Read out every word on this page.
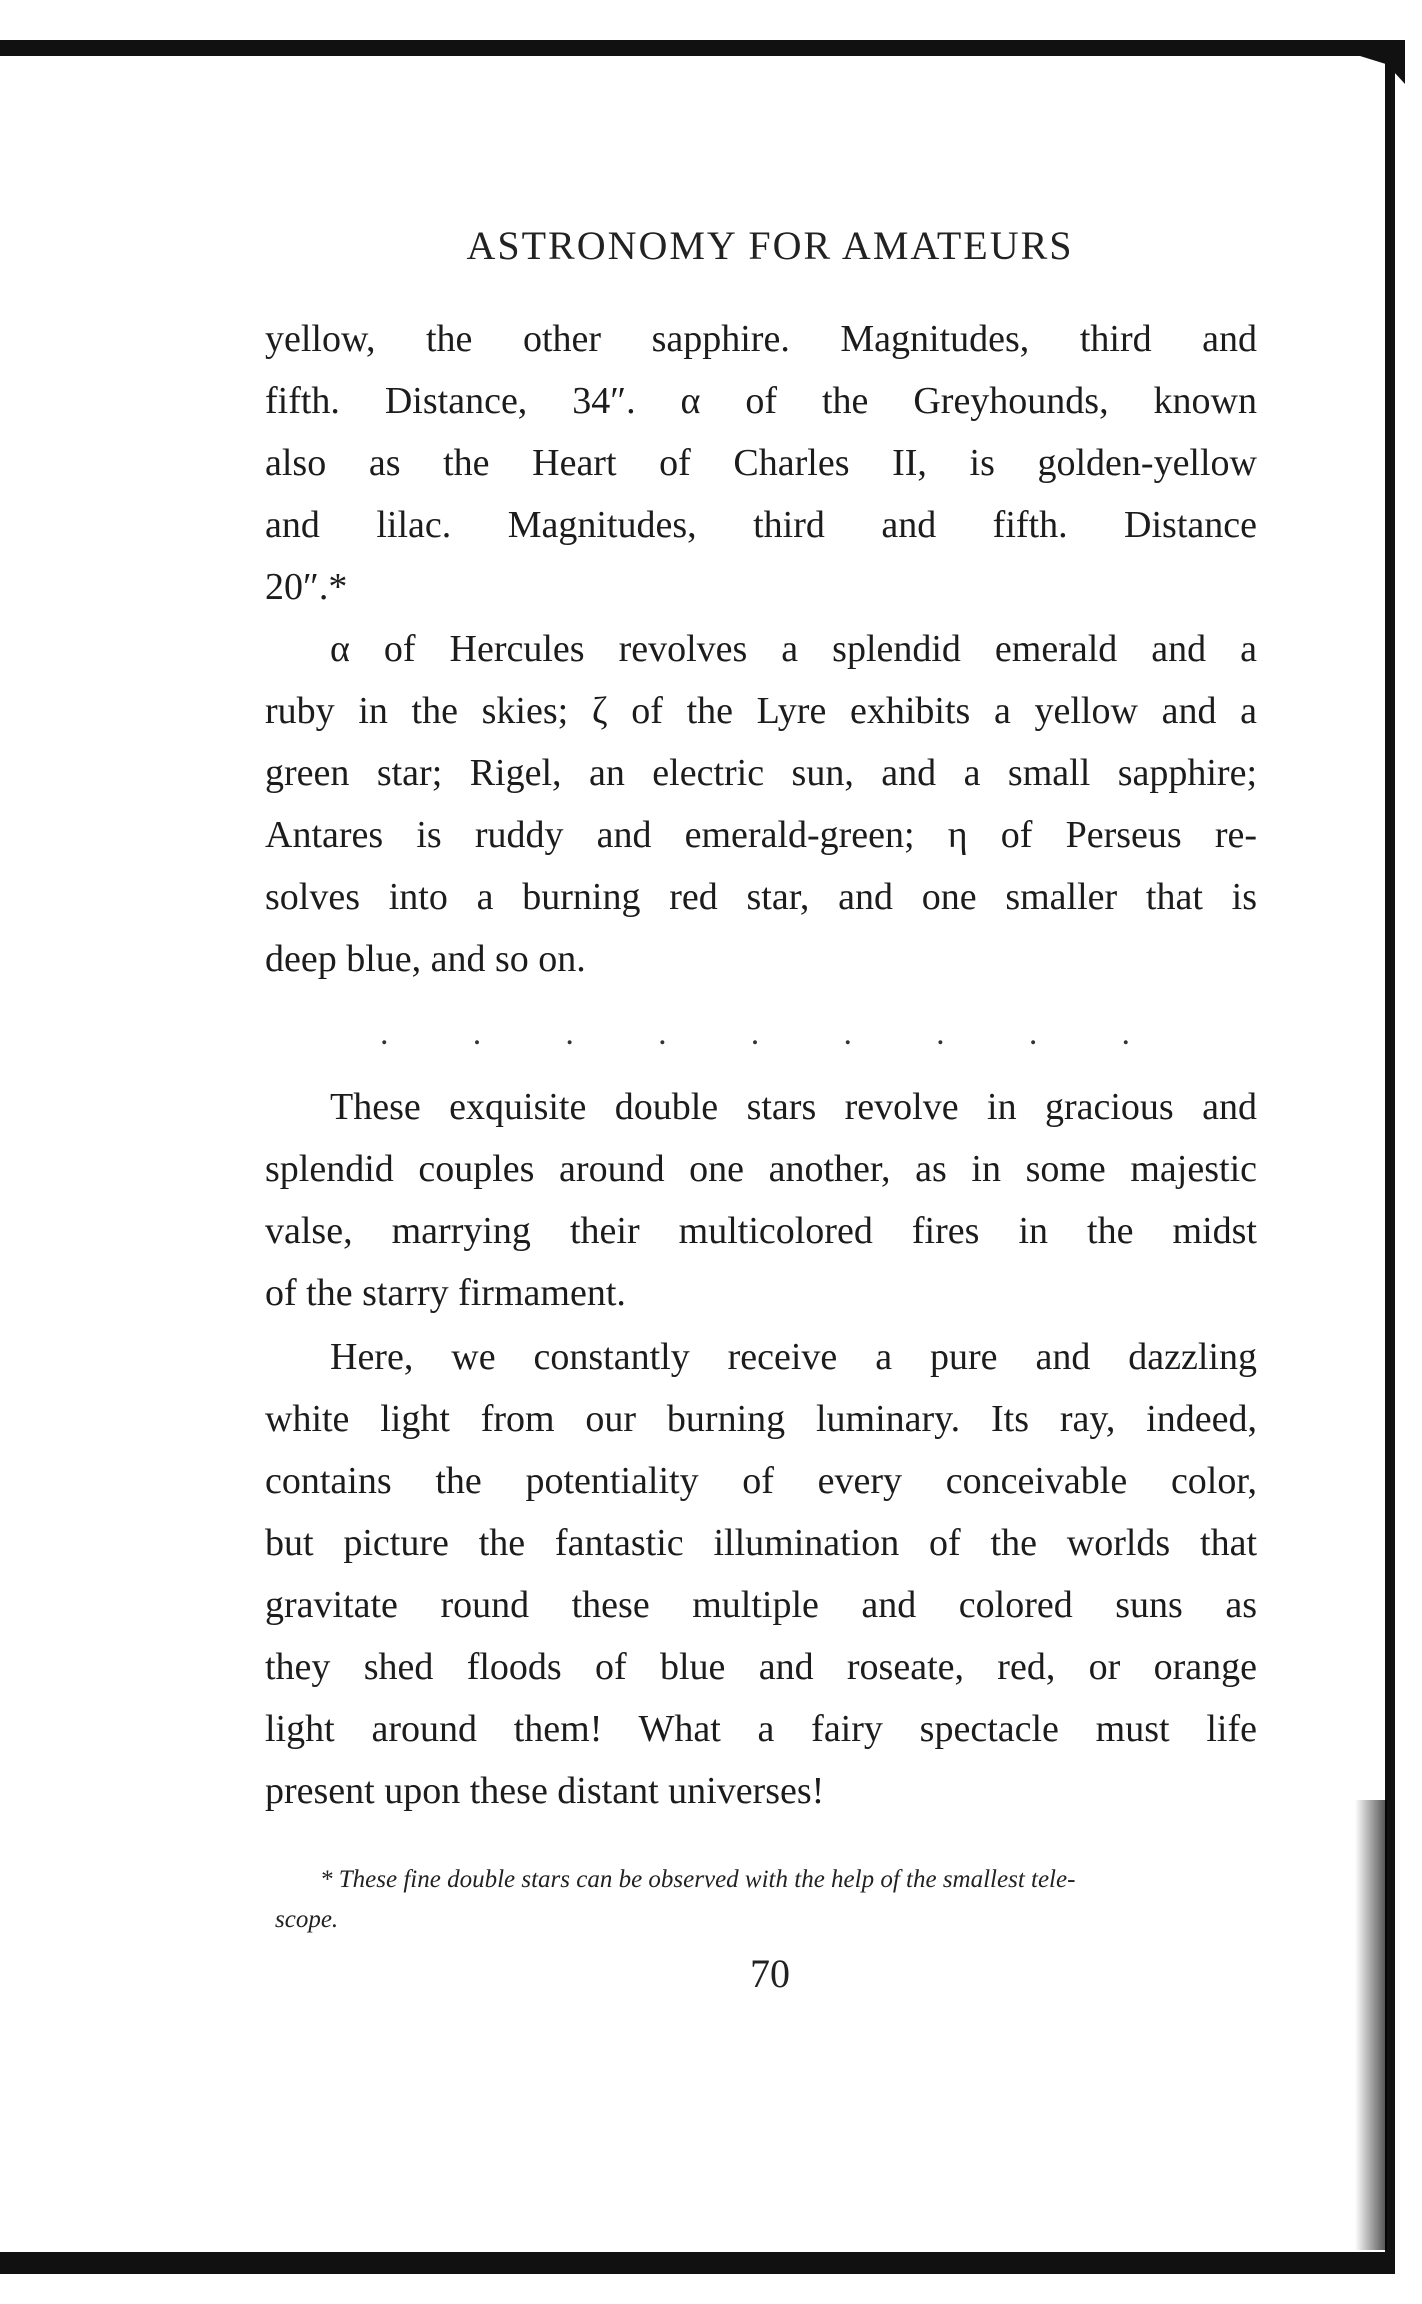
ASTRONOMY FOR AMATEURS
yellow, the other sapphire. Magnitudes, third and
fifth. Distance, 34″. α of the Greyhounds, known
also as the Heart of Charles II, is golden-yellow
and lilac. Magnitudes, third and fifth. Distance
20″.*
α of Hercules revolves a splendid emerald and a
ruby in the skies; ζ of the Lyre exhibits a yellow and a
green star; Rigel, an electric sun, and a small sapphire;
Antares is ruddy and emerald-green; η of Perseus re-
solves into a burning red star, and one smaller that is
deep blue, and so on.
. . . . . . . . .
These exquisite double stars revolve in gracious and
splendid couples around one another, as in some majestic
valse, marrying their multicolored fires in the midst
of the starry firmament.
Here, we constantly receive a pure and dazzling
white light from our burning luminary. Its ray, indeed,
contains the potentiality of every conceivable color,
but picture the fantastic illumination of the worlds that
gravitate round these multiple and colored suns as
they shed floods of blue and roseate, red, or orange
light around them! What a fairy spectacle must life
present upon these distant universes!
* These fine double stars can be observed with the help of the smallest tele-
scope.
70
